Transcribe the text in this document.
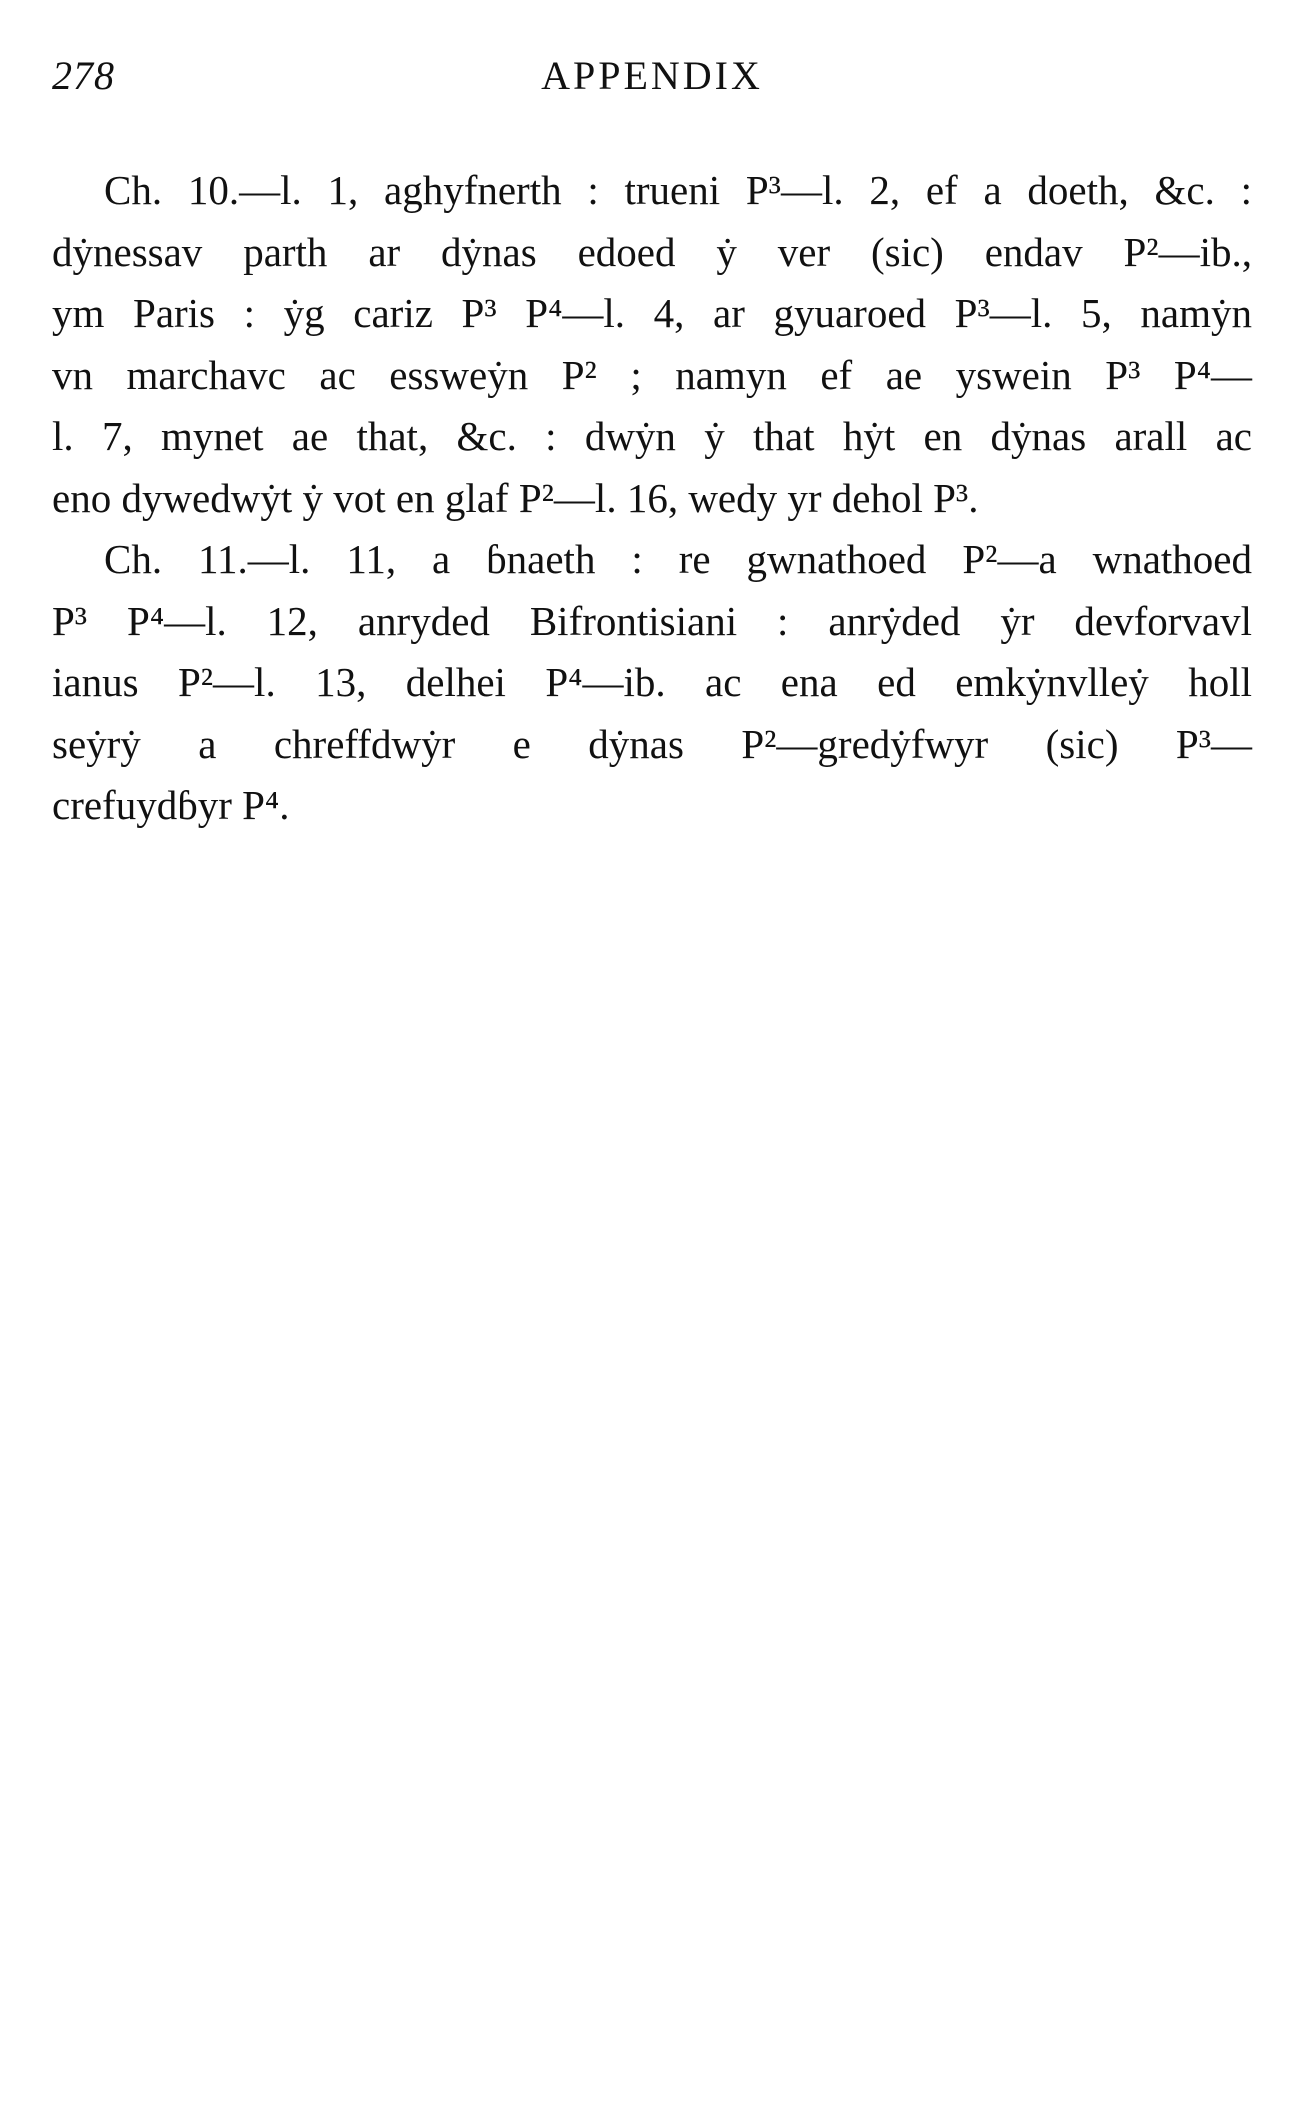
278	APPENDIX

Ch. 10.—l. 1, aghyfnerth : trueni P³—l. 2, ef a doeth, &c. :
dẏnessav parth ar dẏnas edoed ẏ ver (sic) endav P²—ib.,
ym Paris : ẏg cariz P³ P⁴—l. 4, ar gyuaroed P³—l. 5, namẏn
vn marchavc ac essweẏn P² ; namyn ef ae yswein P³ P⁴—
l. 7, mynet ae that, &c. : dwẏn ẏ that hẏt en dẏnas arall ac
eno dywedwẏt ẏ vot en glaf P²—l. 16, wedy yr dehol P³.

Ch. 11.—l. 11, a ɓnaeth : re gwnathoed P²—a wnathoed
P³ P⁴—l. 12, anryded Bifrontisiani : anrẏded ẏr devforvavl
ianus P²—l. 13, delhei P⁴—ib. ac ena ed emkẏnvlleẏ holl
seẏrẏ a chreffdwẏr e dẏnas P²—gredẏfwyr (sic) P³—
crefuydɓyr P⁴.
